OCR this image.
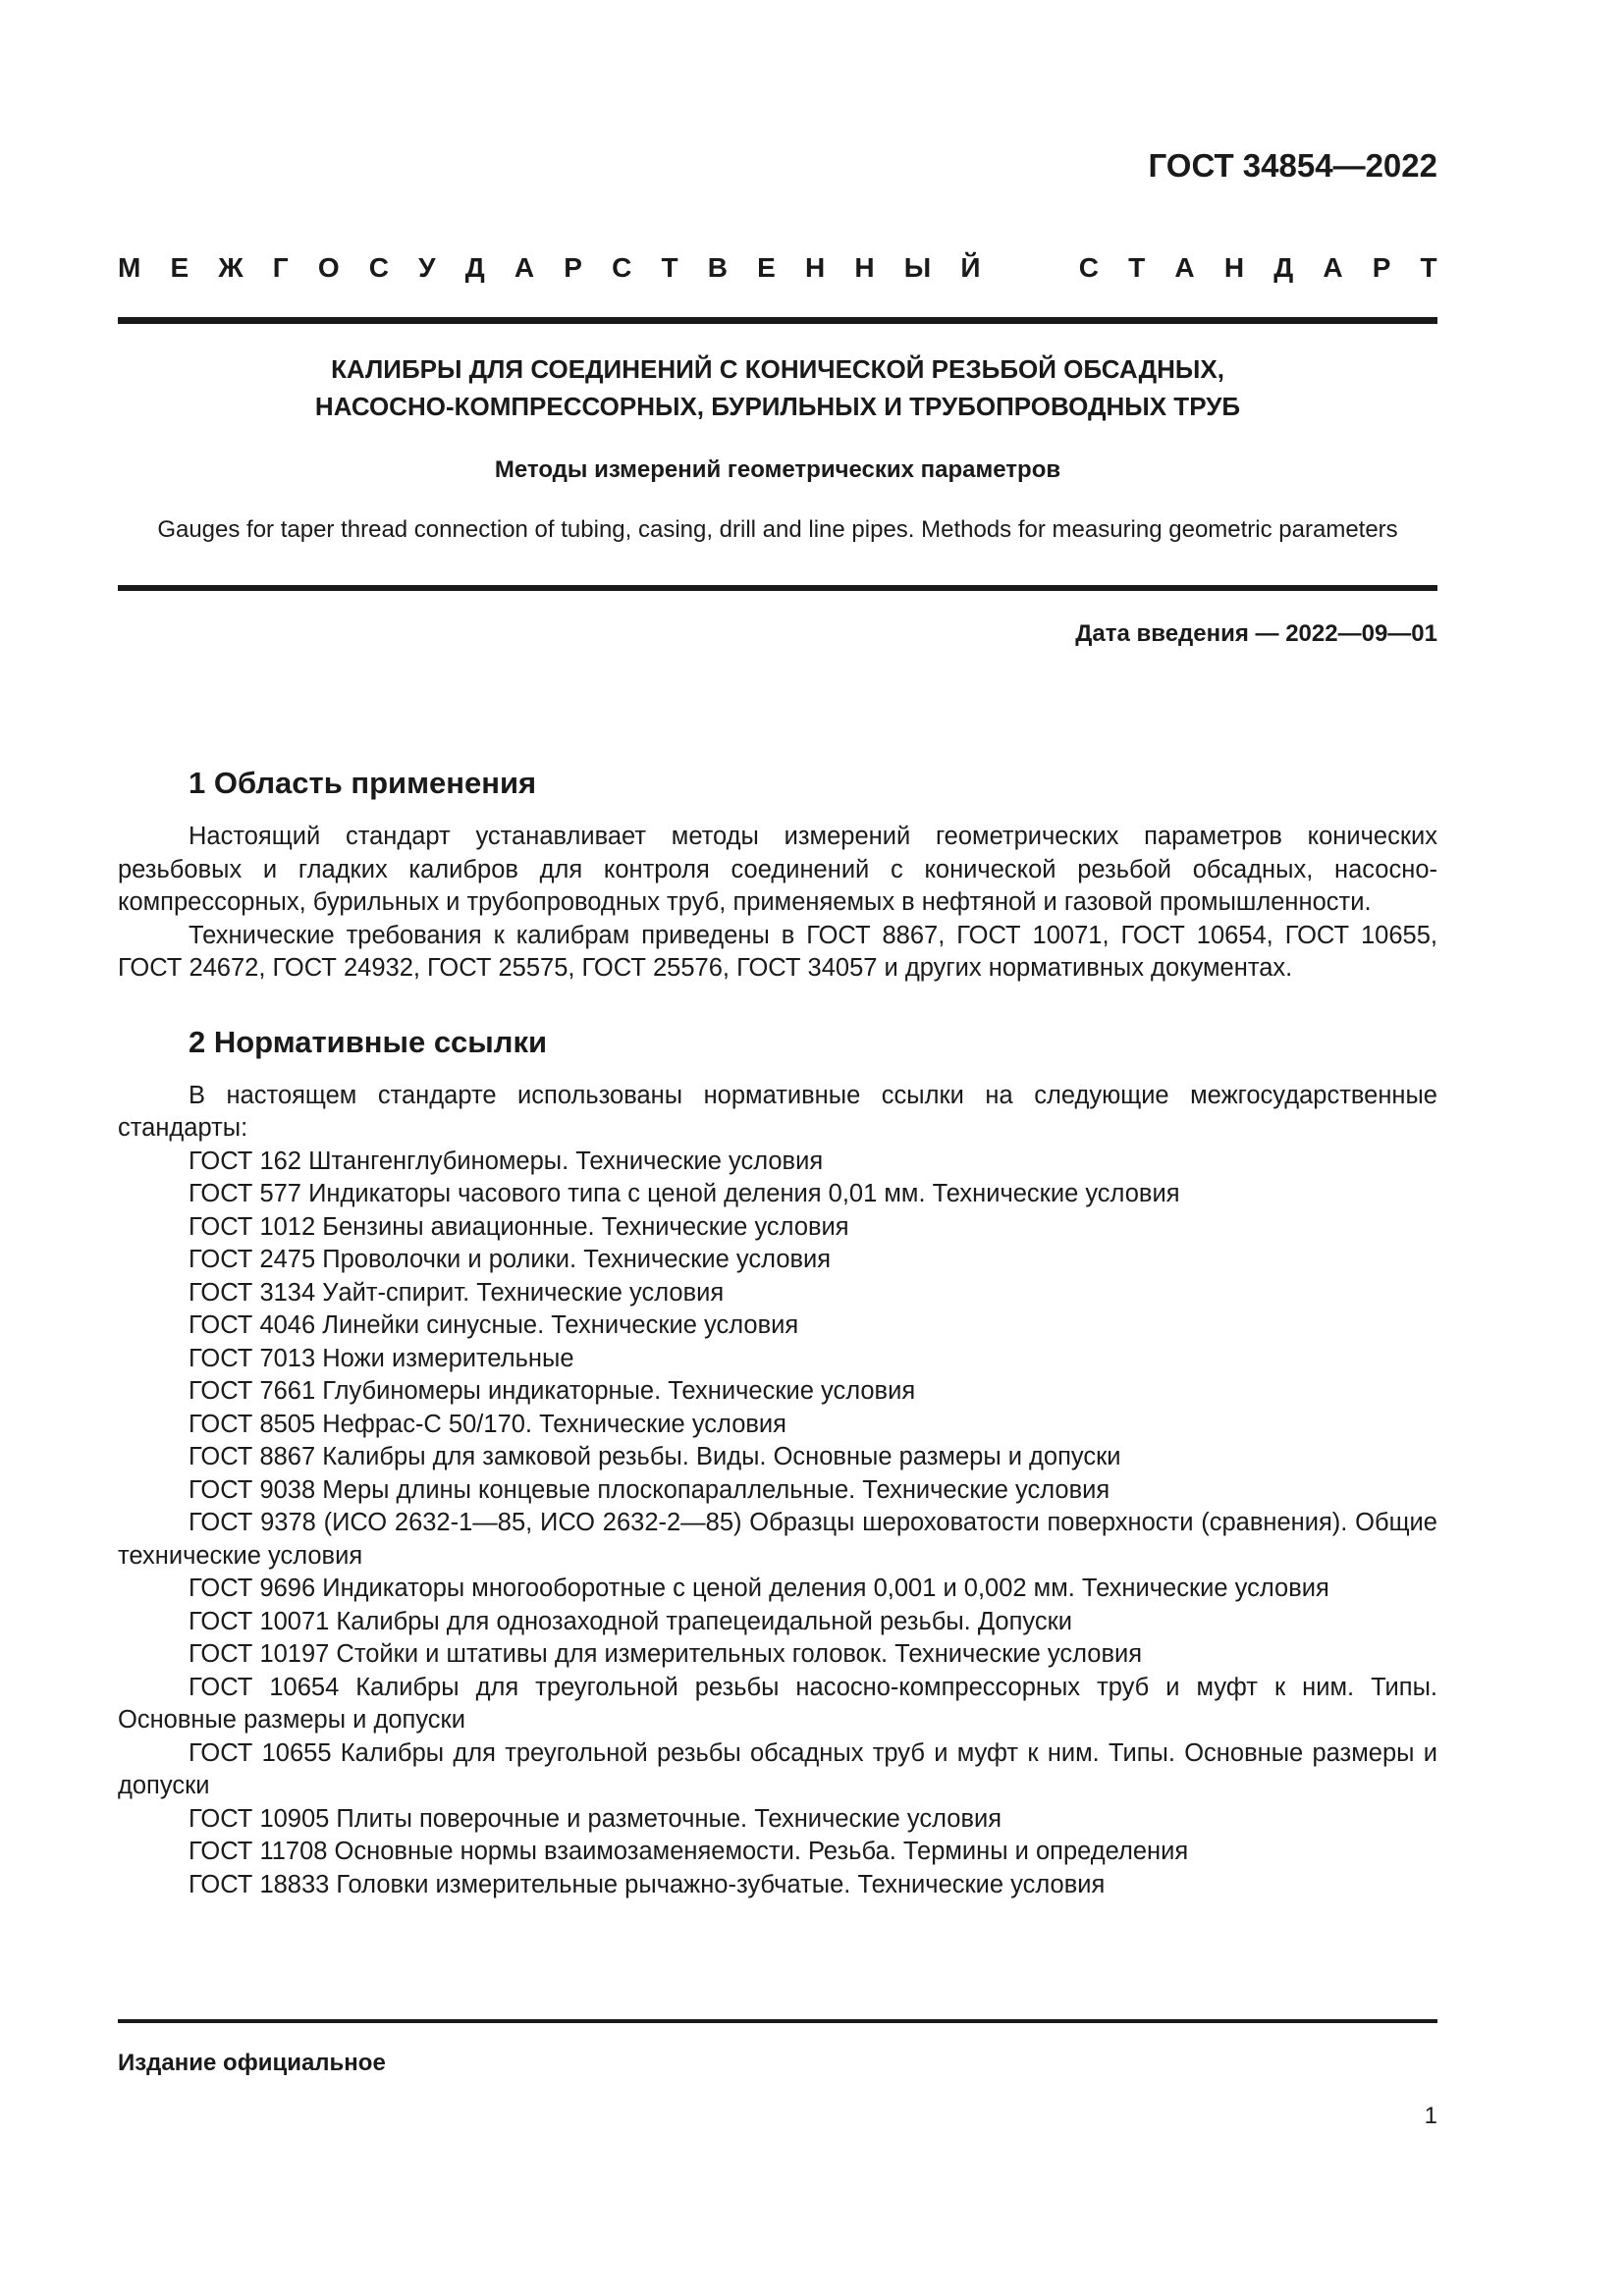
ГОСТ 34854—2022
М Е Ж Г О С У Д А Р С Т В Е Н Н Ы Й	С Т А Н Д А Р Т
КАЛИБРЫ ДЛЯ СОЕДИНЕНИЙ С КОНИЧЕСКОЙ РЕЗЬБОЙ ОБСАДНЫХ,
НАСОСНО-КОМПРЕССОРНЫХ, БУРИЛЬНЫХ И ТРУБОПРОВОДНЫХ ТРУБ
Методы измерений геометрических параметров
Gauges for taper thread connection of tubing, casing, drill and line pipes. Methods for measuring geometric parameters
Дата введения — 2022—09—01
1 Область применения

Настоящий стандарт устанавливает методы измерений геометрических параметров конических резьбовых и гладких калибров для контроля соединений с конической резьбой обсадных, насосно-компрессорных, бурильных и трубопроводных труб, применяемых в нефтяной и газовой промышленности.

Технические требования к калибрам приведены в ГОСТ 8867, ГОСТ 10071, ГОСТ 10654, ГОСТ 10655, ГОСТ 24672, ГОСТ 24932, ГОСТ 25575, ГОСТ 25576, ГОСТ 34057 и других нормативных документах.

2 Нормативные ссылки

В настоящем стандарте использованы нормативные ссылки на следующие межгосударственные стандарты:

ГОСТ 162 Штангенглубиномеры. Технические условия
ГОСТ 577 Индикаторы часового типа с ценой деления 0,01 мм. Технические условия
ГОСТ 1012 Бензины авиационные. Технические условия
ГОСТ 2475 Проволочки и ролики. Технические условия
ГОСТ 3134 Уайт-спирит. Технические условия
ГОСТ 4046 Линейки синусные. Технические условия
ГОСТ 7013 Ножи измерительные
ГОСТ 7661 Глубиномеры индикаторные. Технические условия
ГОСТ 8505 Нефрас-С 50/170. Технические условия
ГОСТ 8867 Калибры для замковой резьбы. Виды. Основные размеры и допуски
ГОСТ 9038 Меры длины концевые плоскопараллельные. Технические условия
ГОСТ 9378 (ИСО 2632-1—85, ИСО 2632-2—85) Образцы шероховатости поверхности (сравнения). Общие технические условия
ГОСТ 9696 Индикаторы многооборотные с ценой деления 0,001 и 0,002 мм. Технические условия
ГОСТ 10071 Калибры для однозаходной трапецеидальной резьбы. Допуски
ГОСТ 10197 Стойки и штативы для измерительных головок. Технические условия
ГОСТ 10654 Калибры для треугольной резьбы насосно-компрессорных труб и муфт к ним. Типы. Основные размеры и допуски
ГОСТ 10655 Калибры для треугольной резьбы обсадных труб и муфт к ним. Типы. Основные размеры и допуски
ГОСТ 10905 Плиты поверочные и разметочные. Технические условия
ГОСТ 11708 Основные нормы взаимозаменяемости. Резьба. Термины и определения
ГОСТ 18833 Головки измерительные рычажно-зубчатые. Технические условия
Издание официальное
1
